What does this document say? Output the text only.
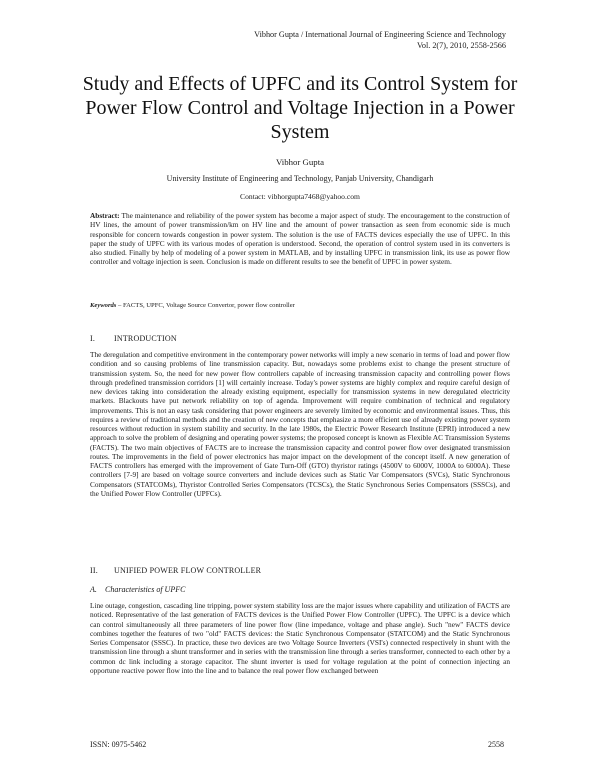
Vibhor Gupta / International Journal of Engineering Science and Technology
Vol. 2(7), 2010, 2558-2566
Study and Effects of UPFC and its Control System for Power Flow Control and Voltage Injection in a Power System
Vibhor Gupta
University Institute of Engineering and Technology, Panjab University, Chandigarh
Contact: vibhorgupta7468@yahoo.com
Abstract: The maintenance and reliability of the power system has become a major aspect of study. The encouragement to the construction of HV lines, the amount of power transmission/km on HV line and the amount of power transaction as seen from economic side is much responsible for concern towards congestion in power system. The solution is the use of FACTS devices especially the use of UPFC. In this paper the study of UPFC with its various modes of operation is understood. Second, the operation of control system used in its converters is also studied. Finally by help of modeling of a power system in MATLAB, and by installing UPFC in transmission link, its use as power flow controller and voltage injection is seen. Conclusion is made on different results to see the benefit of UPFC in power system.
Keywords – FACTS, UPFC, Voltage Source Convertor, power flow controller
I. INTRODUCTION
The deregulation and competitive environment in the contemporary power networks will imply a new scenario in terms of load and power flow condition and so causing problems of line transmission capacity. But, nowadays some problems exist to change the present structure of transmission system. So, the need for new power flow controllers capable of increasing transmission capacity and controlling power flows through predefined transmission corridors [1] will certainly increase. Today's power systems are highly complex and require careful design of new devices taking into consideration the already existing equipment, especially for transmission systems in new deregulated electricity markets. Blackouts have put network reliability on top of agenda. Improvement will require combination of technical and regulatory improvements. This is not an easy task considering that power engineers are severely limited by economic and environmental issues. Thus, this requires a review of traditional methods and the creation of new concepts that emphasize a more efficient use of already existing power system resources without reduction in system stability and security. In the late 1980s, the Electric Power Research Institute (EPRI) introduced a new approach to solve the problem of designing and operating power systems; the proposed concept is known as Flexible AC Transmission Systems (FACTS). The two main objectives of FACTS are to increase the transmission capacity and control power flow over designated transmission routes. The improvements in the field of power electronics has major impact on the development of the concept itself. A new generation of FACTS controllers has emerged with the improvement of Gate Turn-Off (GTO) thyristor ratings (4500V to 6000V, 1000A to 6000A). These controllers [7-9] are based on voltage source converters and include devices such as Static Var Compensators (SVCs), Static Synchronous Compensators (STATCOMs), Thyristor Controlled Series Compensators (TCSCs), the Static Synchronous Series Compensators (SSSCs), and the Unified Power Flow Controller (UPFCs).
II. UNIFIED POWER FLOW CONTROLLER
A. Characteristics of UPFC
Line outage, congestion, cascading line tripping, power system stability loss are the major issues where capability and utilization of FACTS are noticed. Representative of the last generation of FACTS devices is the Unified Power Flow Controller (UPFC). The UPFC is a device which can control simultaneously all three parameters of line power flow (line impedance, voltage and phase angle). Such "new" FACTS device combines together the features of two "old" FACTS devices: the Static Synchronous Compensator (STATCOM) and the Static Synchronous Series Compensator (SSSC). In practice, these two devices are two Voltage Source Inverters (VSI's) connected respectively in shunt with the transmission line through a shunt transformer and in series with the transmission line through a series transformer, connected to each other by a common dc link including a storage capacitor. The shunt inverter is used for voltage regulation at the point of connection injecting an opportune reactive power flow into the line and to balance the real power flow exchanged between
ISSN: 0975-5462	2558
